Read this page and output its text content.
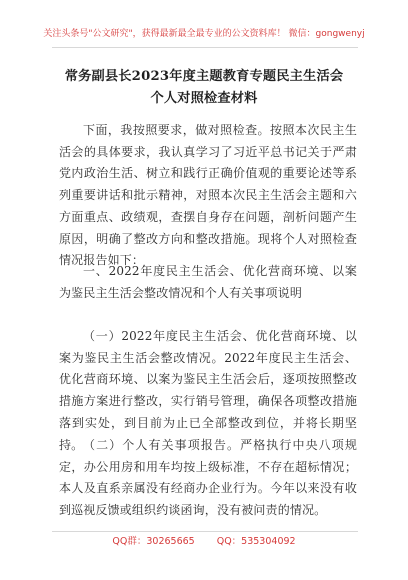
关注头条号"公文研究"，获得最新最全最专业的公文资料库！ 微信：gongwenyj
常务副县长2023年度主题教育专题民主生活会个人对照检查材料

下面，我按照要求，做对照检查。按照本次民主生活会的具体要求，我认真学习了习近平总书记关于严肃党内政治生活、树立和践行正确价值观的重要论述等系列重要讲话和批示精神，对照本次民主生活会主题和六方面重点、政绩观，查摆自身存在问题，剖析问题产生原因，明确了整改方向和整改措施。现将个人对照检查情况报告如下：

一、2022年度民主生活会、优化营商环境、以案为鉴民主生活会整改情况和个人有关事项说明

（一）2022年度民主生活会、优化营商环境、以案为鉴民主生活会整改情况。2022年度民主生活会、优化营商环境、以案为鉴民主生活会后，逐项按照整改措施方案进行整改，实行销号管理，确保各项整改措施落到实处，到目前为止已全部整改到位，并将长期坚持。 （二）个人有关事项报告。严格执行中央八项规定，办公用房和用车均按上级标准，不存在超标情况；本人及直系亲属没有经商办企业行为。今年以来没有收到巡视反馈或组织约谈函询，没有被问责的情况。

QQ群：30265665 QQ：535304092
